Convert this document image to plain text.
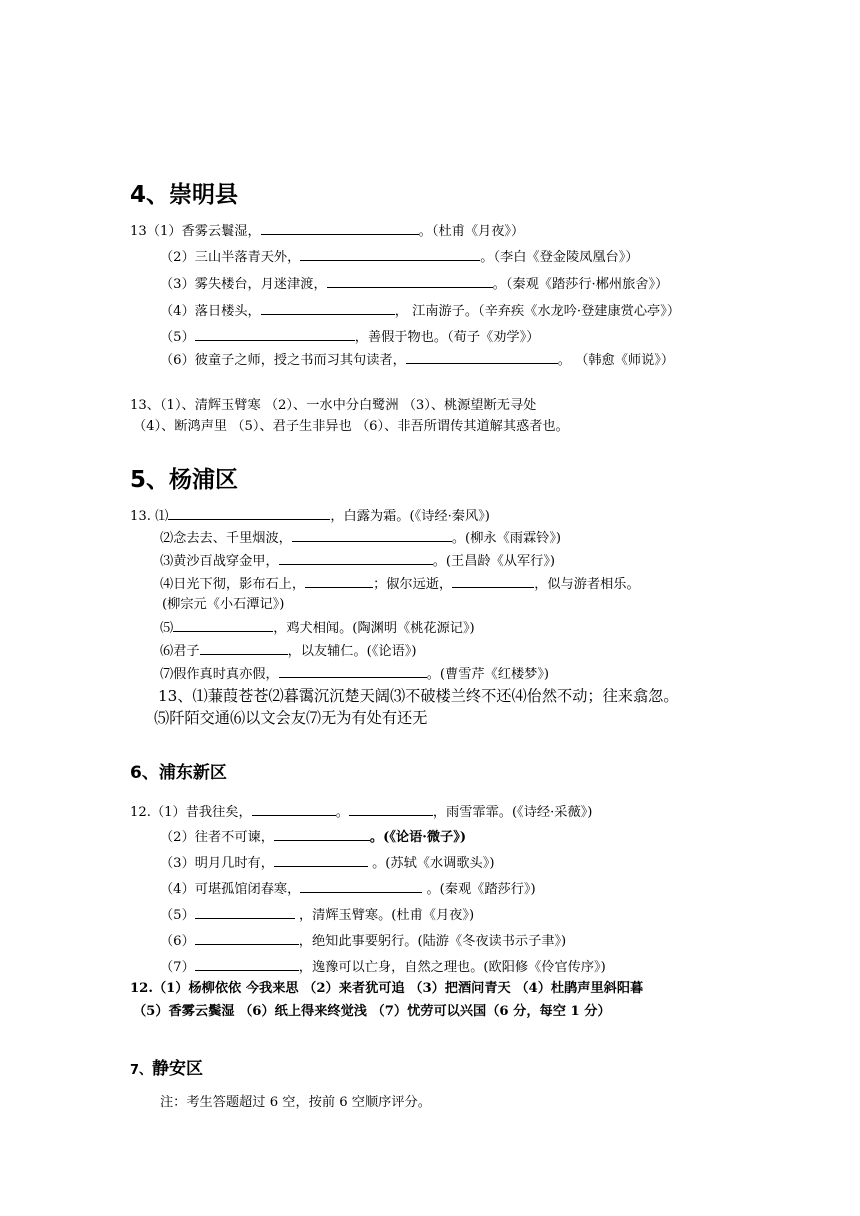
4、崇明县
13（1）香雾云鬟湿，	。（杜甫《月夜》）
（2）三山半落青天外，	。（李白《登金陵凤凰台》）
（3）雾失楼台，月迷津渡，	。（秦观《踏莎行·郴州旅舍》）
（4）落日楼头，	， 江南游子。（辛弃疾《水龙吟·登建康赏心亭》）
（5）	，善假于物也。（荀子《劝学》）
（6）彼童子之师，授之书而习其句读者，	。 （韩愈《师说》）
13、（1）、清辉玉臂寒 （2）、一水中分白鹭洲 （3）、桃源望断无寻处
（4）、断鸿声里 （5）、君子生非异也 （6）、非吾所谓传其道解其惑者也。
5、杨浦区
13. ⑴	，白露为霜。(《诗经·秦风》)
⑵念去去、千里烟波，	。(柳永《雨霖铃》)
⑶黄沙百战穿金甲，	。(王昌龄《从军行》)
⑷日光下彻，影布石上，	；俶尔远逝，	，似与游者相乐。
(柳宗元《小石潭记》)
⑸	，鸡犬相闻。(陶渊明《桃花源记》)
⑹君子	，以友辅仁。(《论语》)
⑺假作真时真亦假，	。(曹雪芹《红楼梦》)
13、⑴蒹葭苍苍⑵暮霭沉沉楚天阔⑶不破楼兰终不还⑷佁然不动；往来翕忽。
⑸阡陌交通⑹以文会友⑺无为有处有还无
6、浦东新区
12.（1）昔我往矣，	。	，雨雪霏霏。(《诗经·采薇》)
（2）往者不可谏，	。(《论语·微子》)
（3）明月几时有，	。(苏轼《水调歌头》)
（4）可堪孤馆闭春寒，	。(秦观《踏莎行》)
（5）	，清辉玉臂寒。(杜甫《月夜》)
（6）	，绝知此事要躬行。(陆游《冬夜读书示子聿》)
（7）	，逸豫可以亡身，自然之理也。(欧阳修《伶官传序》)
12.（1）杨柳依依 今我来思 （2）来者犹可追 （3）把酒问青天 （4）杜鹃声里斜阳暮
（5）香雾云鬓湿 （6）纸上得来终觉浅 （7）忧劳可以兴国（6 分，每空 1 分）
7、静安区
注：考生答题超过 6 空，按前 6 空顺序评分。
